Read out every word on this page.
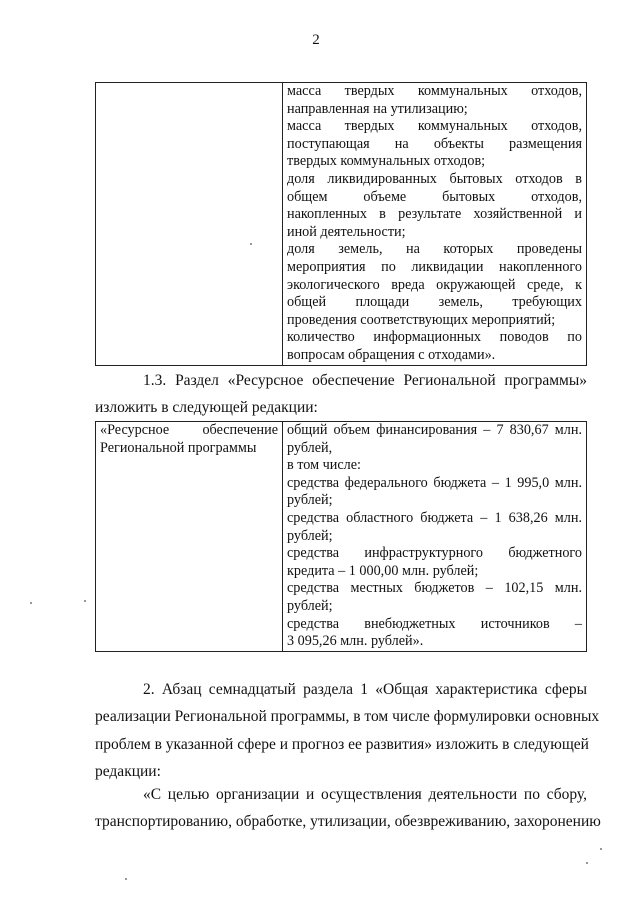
2

масса твердых коммунальных отходов,
направленная на утилизацию;
масса твердых коммунальных отходов,
поступающая на объекты размещения
твердых коммунальных отходов;
доля ликвидированных бытовых отходов в
общем объеме бытовых отходов,
накопленных в результате хозяйственной и
иной деятельности;
доля земель, на которых проведены
мероприятия по ликвидации накопленного
экологического вреда окружающей среде, к
общей площади земель, требующих
проведения соответствующих мероприятий;
количество информационных поводов по
вопросам обращения с отходами».
1.3. Раздел «Ресурсное обеспечение Региональной программы»
изложить в следующей редакции:
«Ресурсное обеспечение
Региональной программы

общий объем финансирования – 7 830,67 млн.
рублей,
в том числе:
средства федерального бюджета – 1 995,0 млн.
рублей;
средства областного бюджета – 1 638,26 млн.
рублей;
средства инфраструктурного бюджетного
кредита – 1 000,00 млн. рублей;
средства местных бюджетов – 102,15 млн.
рублей;
средства внебюджетных источников –
3 095,26 млн. рублей».
2. Абзац семнадцатый раздела 1 «Общая характеристика сферы
реализации Региональной программы, в том числе формулировки основных
проблем в указанной сфере и прогноз ее развития» изложить в следующей
редакции:
«С целью организации и осуществления деятельности по сбору,
транспортированию, обработке, утилизации, обезвреживанию, захоронению
